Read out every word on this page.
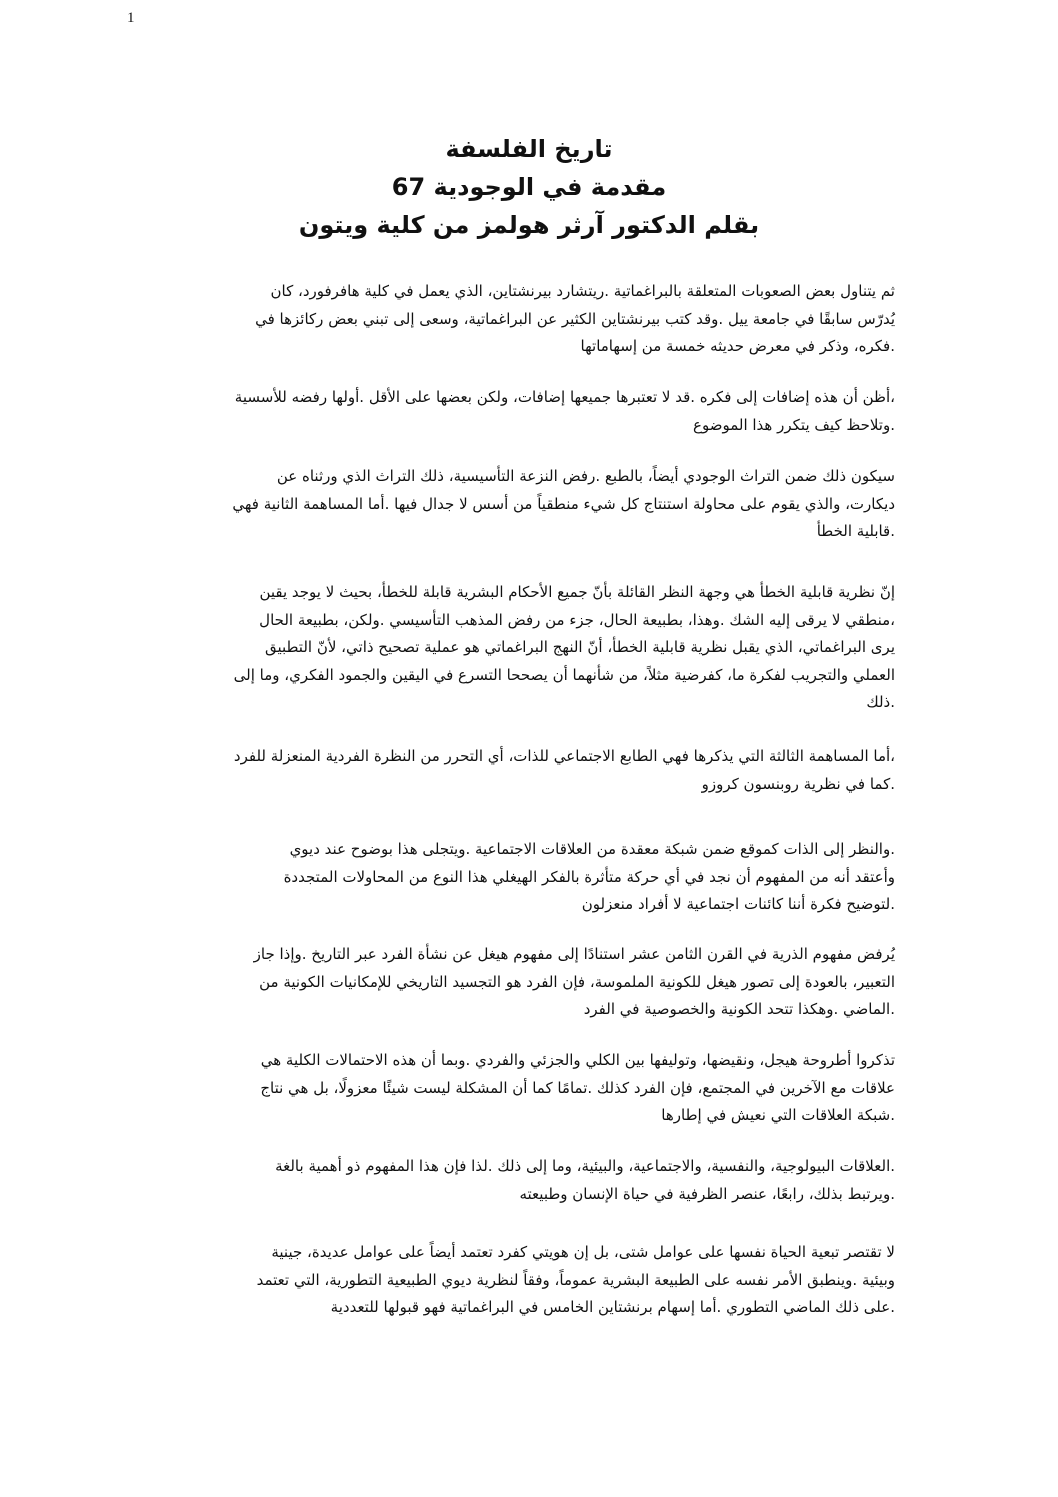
1
تاريخ الفلسفة
مقدمة في الوجودية 67
بقلم الدكتور آرثر هولمز من كلية ويتون
ثم يتناول بعض الصعوبات المتعلقة بالبراغماتية .ريتشارد بيرنشتاين، الذي يعمل في كلية هافرفورد، كان
يُدرّس سابقًا في جامعة ييل .وقد كتب بيرنشتاين الكثير عن البراغماتية، وسعى إلى تبني بعض ركائزها في
.فكره، وذكر في معرض حديثه خمسة من إسهاماتها
،أظن أن هذه إضافات إلى فكره .قد لا تعتبرها جميعها إضافات، ولكن بعضها على الأقل .أولها رفضه للأسسية
.وتلاحظ كيف يتكرر هذا الموضوع
سيكون ذلك ضمن التراث الوجودي أيضاً، بالطبع .رفض النزعة التأسيسية، ذلك التراث الذي ورثناه عن
ديكارت، والذي يقوم على محاولة استنتاج كل شيء منطقياً من أسس لا جدال فيها .أما المساهمة الثانية فهي
.قابلية الخطأ
إنّ نظرية قابلية الخطأ هي وجهة النظر القائلة بأنّ جميع الأحكام البشرية قابلة للخطأ، بحيث لا يوجد يقين
،منطقي لا يرقى إليه الشك .وهذا، بطبيعة الحال، جزء من رفض المذهب التأسيسي .ولكن، بطبيعة الحال
يرى البراغماتي، الذي يقبل نظرية قابلية الخطأ، أنّ النهج البراغماتي هو عملية تصحيح ذاتي، لأنّ التطبيق
العملي والتجريب لفكرة ما، كفرضية مثلاً، من شأنهما أن يصححا التسرع في اليقين والجمود الفكري، وما إلى
.ذلك
،أما المساهمة الثالثة التي يذكرها فهي الطابع الاجتماعي للذات، أي التحرر من النظرة الفردية المنعزلة للفرد
.كما في نظرية روبنسون كروزو
.والنظر إلى الذات كموقع ضمن شبكة معقدة من العلاقات الاجتماعية .ويتجلى هذا بوضوح عند ديوي
وأعتقد أنه من المفهوم أن نجد في أي حركة متأثرة بالفكر الهيغلي هذا النوع من المحاولات المتجددة
.لتوضيح فكرة أننا كائنات اجتماعية لا أفراد منعزلون
يُرفض مفهوم الذرية في القرن الثامن عشر استنادًا إلى مفهوم هيغل عن نشأة الفرد عبر التاريخ .وإذا جاز
التعبير، بالعودة إلى تصور هيغل للكونية الملموسة، فإن الفرد هو التجسيد التاريخي للإمكانيات الكونية من
.الماضي .وهكذا تتحد الكونية والخصوصية في الفرد
تذكروا أطروحة هيجل، ونقيضها، وتوليفها بين الكلي والجزئي والفردي .وبما أن هذه الاحتمالات الكلية هي
علاقات مع الآخرين في المجتمع، فإن الفرد كذلك .تمامًا كما أن المشكلة ليست شيئًا معزولًا، بل هي نتاج
.شبكة العلاقات التي نعيش في إطارها
.العلاقات البيولوجية، والنفسية، والاجتماعية، والبيئية، وما إلى ذلك .لذا فإن هذا المفهوم ذو أهمية بالغة
.ويرتبط بذلك، رابعًا، عنصر الظرفية في حياة الإنسان وطبيعته
لا تقتصر تبعية الحياة نفسها على عوامل شتى، بل إن هويتي كفرد تعتمد أيضاً على عوامل عديدة، جينية
وبيئية .وينطبق الأمر نفسه على الطبيعة البشرية عموماً، وفقاً لنظرية ديوي الطبيعية التطورية، التي تعتمد
.على ذلك الماضي التطوري .أما إسهام برنشتاين الخامس في البراغماتية فهو قبولها للتعددية
